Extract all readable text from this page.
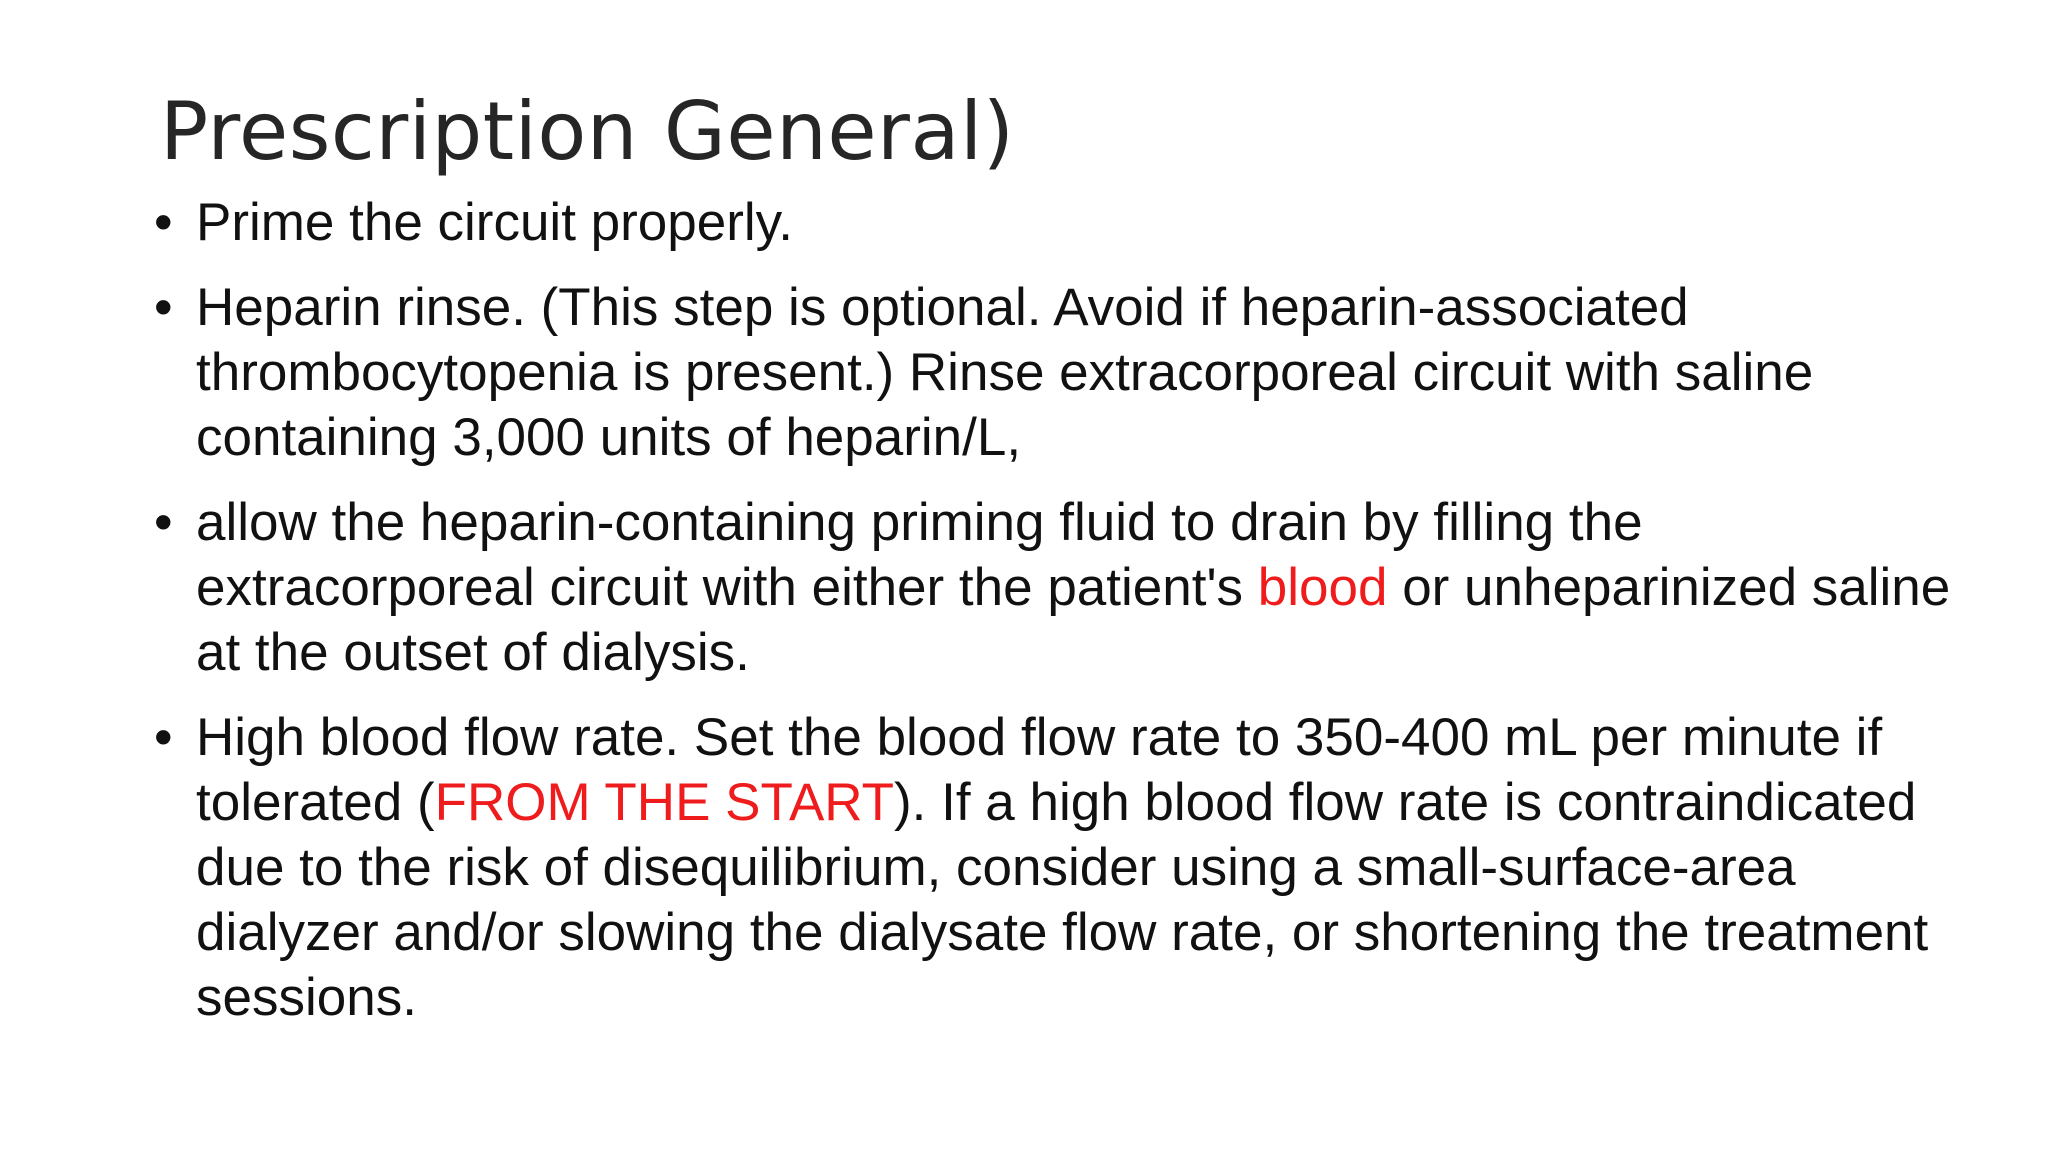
Prescription General)
• Prime the circuit properly.
• Heparin rinse. (This step is optional. Avoid if heparin-associated thrombocytopenia is present.) Rinse extracorporeal circuit with saline containing 3,000 units of heparin/L,
• allow the heparin-containing priming fluid to drain by filling the extracorporeal circuit with either the patient's blood or unheparinized saline at the outset of dialysis.
• High blood flow rate. Set the blood flow rate to 350-400 mL per minute if tolerated (FROM THE START). If a high blood flow rate is contraindicated due to the risk of disequilibrium, consider using a small-surface-area dialyzer and/or slowing the dialysate flow rate, or shortening the treatment sessions.
